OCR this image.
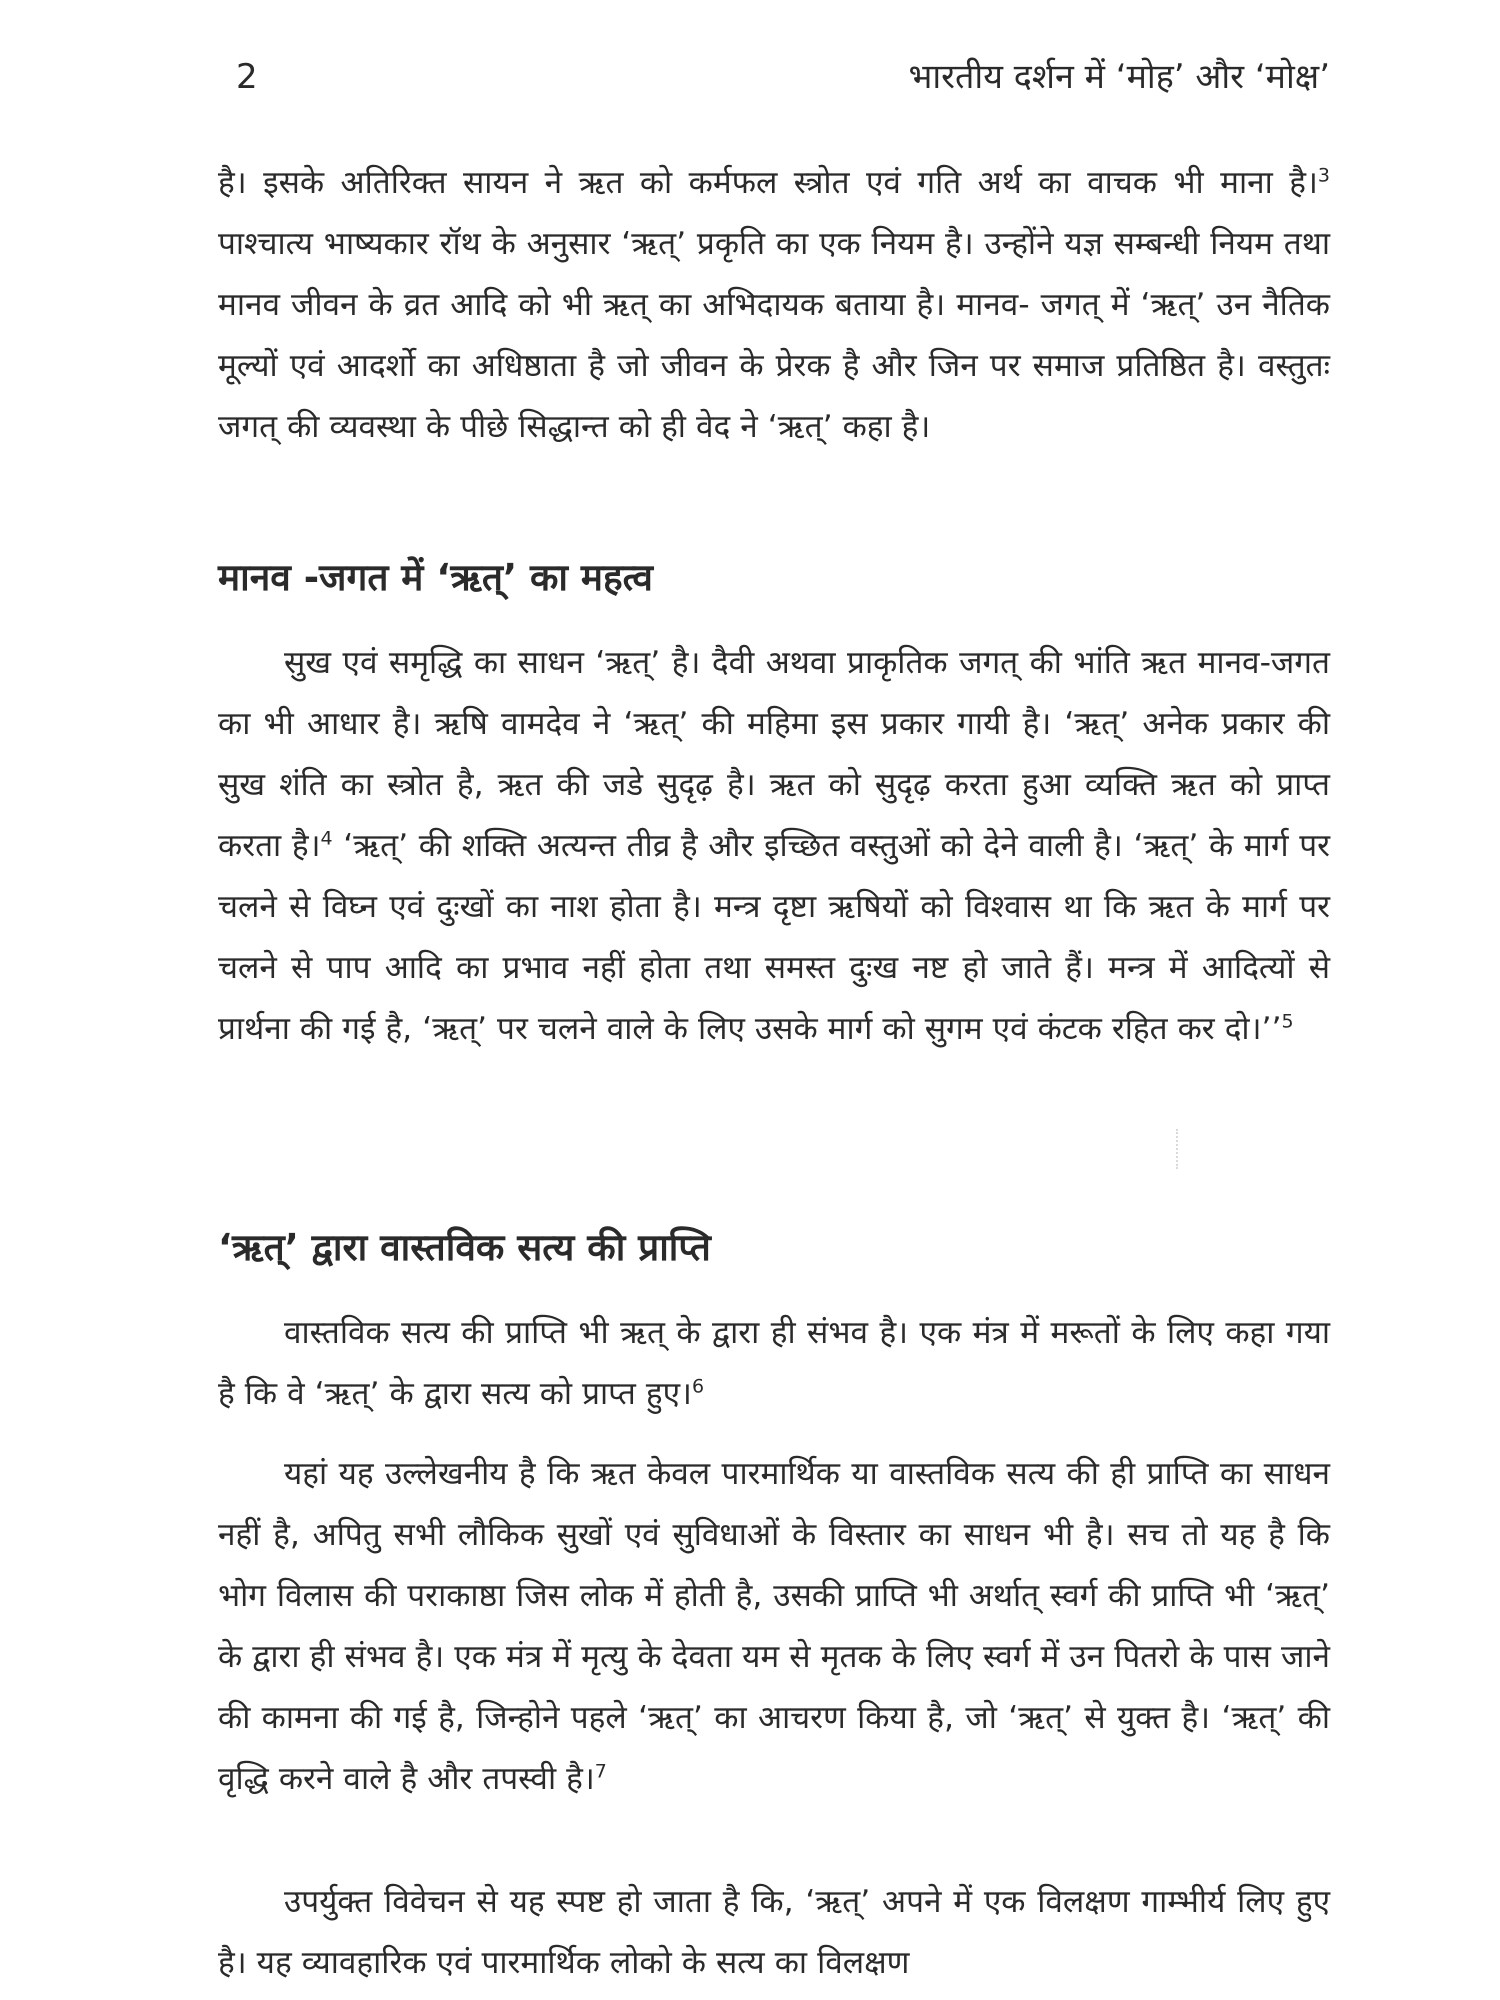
2	भारतीय दर्शन में ‘मोह’ और ‘मोक्ष’

है। इसके अतिरिक्त सायन ने ऋत को कर्मफल स्त्रोत एवं गति अर्थ का वाचक भी माना है।$^3$ पाश्चात्य भाष्यकार रॉथ के अनुसार ‘ऋत्’ प्रकृति का एक नियम है। उन्होंने यज्ञ सम्बन्धी नियम तथा मानव जीवन के व्रत आदि को भी ऋत् का अभिदायक बताया है। मानव- जगत् में ‘ऋत्’ उन नैतिक मूल्यों एवं आदर्शो का अधिष्ठाता है जो जीवन के प्रेरक है और जिन पर समाज प्रतिष्ठित है। वस्तुतः जगत् की व्यवस्था के पीछे सिद्धान्त को ही वेद ने ‘ऋत्’ कहा है।

मानव -जगत में ‘ऋत्’ का महत्व

सुख एवं समृद्धि का साधन ‘ऋत्’ है। दैवी अथवा प्राकृतिक जगत् की भांति ऋत मानव-जगत का भी आधार है। ऋषि वामदेव ने ‘ऋत्’ की महिमा इस प्रकार गायी है। ‘ऋत्’ अनेक प्रकार की सुख शंति का स्त्रोत है, ऋत की जडे सुदृढ़ है। ऋत को सुदृढ़ करता हुआ व्यक्ति ऋत को प्राप्त करता है।$^4$ ‘ऋत्’ की शक्ति अत्यन्त तीव्र है और इच्छित वस्तुओं को देने वाली है। ‘ऋत्’ के मार्ग पर चलने से विघ्न एवं दुःखों का नाश होता है। मन्त्र दृष्टा ऋषियों को विश्वास था कि ऋत के मार्ग पर चलने से पाप आदि का प्रभाव नहीं होता तथा समस्त दुःख नष्ट हो जाते हैं। मन्त्र में आदित्यों से प्रार्थना की गई है, ‘ऋत्’ पर चलने वाले के लिए उसके मार्ग को सुगम एवं कंटक रहित कर दो।’’$^5$

‘ऋत्’ द्वारा वास्तविक सत्य की प्राप्ति

वास्तविक सत्य की प्राप्ति भी ऋत् के द्वारा ही संभव है। एक मंत्र में मरूतों के लिए कहा गया है कि वे ‘ऋत्’ के द्वारा सत्य को प्राप्त हुए।$^6$

यहां यह उल्लेखनीय है कि ऋत केवल पारमार्थिक या वास्तविक सत्य की ही प्राप्ति का साधन नहीं है, अपितु सभी लौकिक सुखों एवं सुविधाओं के विस्तार का साधन भी है। सच तो यह है कि भोग विलास की पराकाष्ठा जिस लोक में होती है, उसकी प्राप्ति भी अर्थात् स्वर्ग की प्राप्ति भी ‘ऋत्’ के द्वारा ही संभव है। एक मंत्र में मृत्यु के देवता यम से मृतक के लिए स्वर्ग में उन पितरो के पास जाने की कामना की गई है, जिन्होने पहले ‘ऋत्’ का आचरण किया है, जो ‘ऋत्’ से युक्त है। ‘ऋत्’ की वृद्धि करने वाले है और तपस्वी है।$^7$

उपर्युक्त विवेचन से यह स्पष्ट हो जाता है कि, ‘ऋत्’ अपने में एक विलक्षण गाम्भीर्य लिए हुए है। यह व्यावहारिक एवं पारमार्थिक लोको के सत्य का विलक्षण
